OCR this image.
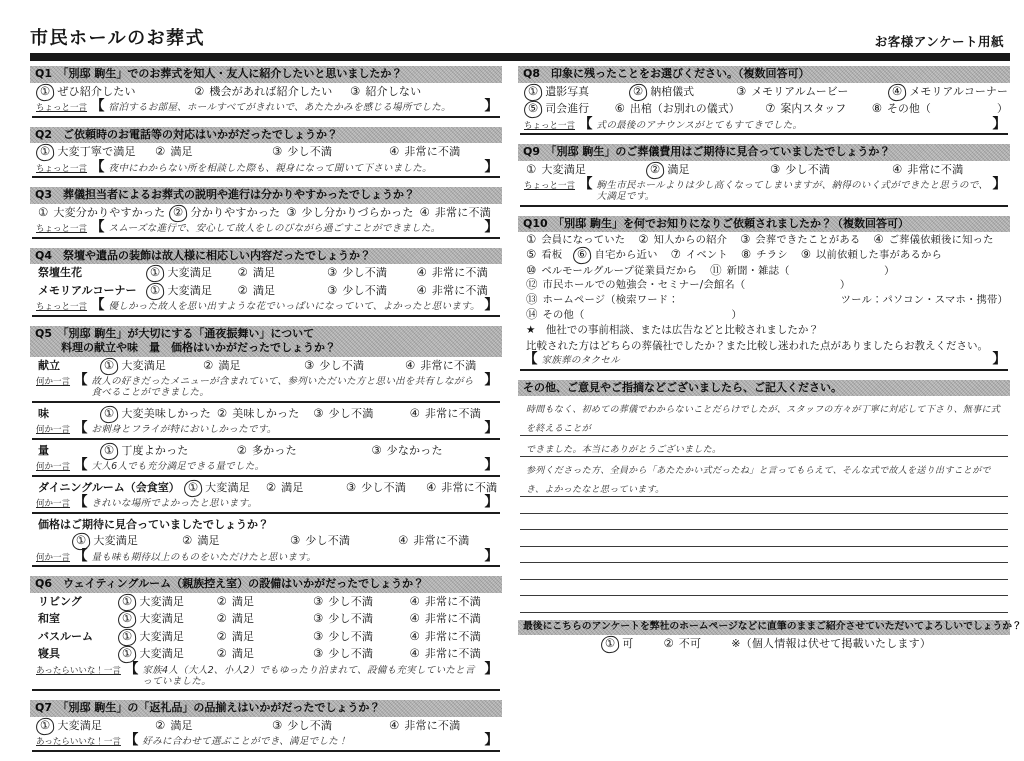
市民ホールのお葬式	お客様アンケート用紙
Q1　「別邸 駒生」でのお葬式を知人・友人に紹介したいと思いましたか？
① ぜひ紹介したい	② 機会があれば紹介したい ③ 紹介しない
ちょっと一言 【 宿泊するお部屋、ホールすべてがきれいで、あたたかみを感じる場所でした。	】
Q2　ご依頼時のお電話等の対応はいかがだったでしょうか？
① 大変丁寧で満足 ② 満足	③ 少し不満	④ 非常に不満
ちょっと一言 【 夜中にわからない所を相談した際も、親身になって聞いて下さいました。	】
Q3　葬儀担当者によるお葬式の説明や進行は分かりやすかったでしょうか？
① 大変分かりやすかった ② 分かりやすかった ③ 少し分かりづらかった ④ 非常に不満
ちょっと一言 【 スムーズな進行で、安心して故人をしのびながら過ごすことができました。	】
Q4　祭壇や遺品の装飾は故人様に相応しい内容だったでしょうか？
祭壇生花	① 大変満足 ② 満足	③ 少し不満	④ 非常に不満
メモリアルコーナー	① 大変満足 ② 満足	③ 少し不満	④ 非常に不満
ちょっと一言 【 優しかった故人を思い出すような花でいっぱいになっていて、よかったと思います。 】
Q5　「別邸 駒生」が大切にする「通夜振舞い」について
料理の献立や味　量　価格はいかがだったでしょうか？
献立	① 大変満足	② 満足	③ 少し不満	④ 非常に不満
何か一言 【 故人の好きだったメニューが含まれていて、参列いただいた方と思い出を共有しながら食べることができました。
】
味	① 大変美味しかった ② 美味しかった ③ 少し不満	④ 非常に不満
何か一言 【 お刺身とフライが特においしかったです。	】
量	① 丁度よかった	② 多かった	③ 少なかった
何か一言 【 大人6人でも充分満足できる量でした。	】
ダイニングルーム（会食室） ① 大変満足 ② 満足	③ 少し不満 ④ 非常に不満
何か一言 【 きれいな場所でよかったと思います。	】
価格はご期待に見合っていましたでしょうか？
① 大変満足	② 満足	③ 少し不満	④ 非常に不満
何か一言 【 量も味も期待以上のものをいただけたと思います。	】
Q6　ウェイティングルーム（親族控え室）の設備はいかがだったでしょうか？
リビング	① 大変満足	② 満足	③ 少し不満	④ 非常に不満
和室	① 大変満足	② 満足	③ 少し不満	④ 非常に不満
バスルーム	① 大変満足	② 満足	③ 少し不満	④ 非常に不満
寝具	① 大変満足	② 満足	③ 少し不満	④ 非常に不満
あったらいいな！一言 【 家族4人（大人2、小人2）でもゆったり泊まれて、設備も充実していたと言っていました。
】
Q7　「別邸 駒生」の「返礼品」の品揃えはいかがだったでしょうか？
① 大変満足	② 満足	③ 少し不満	④ 非常に不満
あったらいいな！一言 【 好みに合わせて選ぶことができ、満足でした！	】
Q8　印象に残ったことをお選びください。（複数回答可）
① 遺影写真	② 納棺儀式	③ メモリアルムービー	④ メモリアルコーナー
⑤ 司会進行 ⑥ 出棺（お別れの儀式） ⑦ 案内スタッフ ⑧ その他（　　　　　　）
ちょっと一言 【 式の最後のアナウンスがとてもすてきでした。	】
Q9　「別邸 駒生」のご葬儀費用はご期待に見合っていましたでしょうか？
① 大変満足	② 満足	③ 少し不満	④ 非常に不満
ちょっと一言 【 駒生市民ホールよりは少し高くなってしまいますが、納得のいく式ができたと思うので、大満足です。
】
Q10　「別邸 駒生」を何でお知りになりご依頼されましたか？（複数回答可）
① 会員になっていた ② 知人からの紹介 ③ 会葬できたことがある ④ ご葬儀依頼後に知った
⑤ 看板	⑥ 自宅から近い ⑦ イベント ⑧ チラシ ⑨ 以前依頼した事があるから
⑩ ベルモールグループ従業員だから ⑪ 新聞・雑誌（　　　　　　　　　）
⑫ 市民ホールでの勉強会・セミナー/会館名（　　　　　　　　　）
⑬ ホームページ（検索ワード：	ツール：パソコン・スマホ・携帯）
⑭ その他（　　　　　　　　　　　　　　）
★　他社での事前相談、または広告などと比較されましたか？
比較された方はどちらの葬儀社でしたか？また比較し迷われた点がありましたらお教えください。
【 家族葬のタクセル	】
その他、ご意見やご指摘などございましたら、ご記入ください。
時間もなく、初めての葬儀でわからないことだらけでしたが、スタッフの方々が丁寧に対応して下さり、無事に式を終えることが
できました。本当にありがとうございました。
参列くださった方、全員から「あたたかい式だったね」と言ってもらえて、そんな式で故人を送り出すことができ、よかったなと思っています。
最後にこちらのアンケートを弊社のホームページなどに直筆のままご紹介させていただいてよろしいでしょうか？
① 可	② 不可	※（個人情報は伏せて掲載いたします）
